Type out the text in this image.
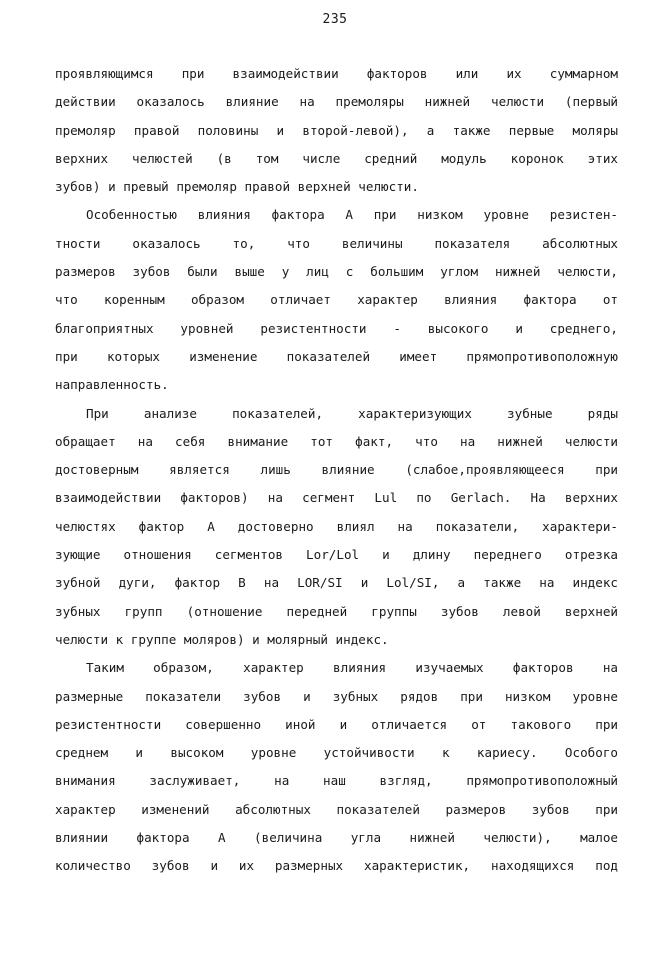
235
проявляющимся при взаимодействии факторов или их суммарном
действии оказалось влияние на премоляры нижней челюсти (первый
премоляр правой половины и второй-левой), а также первые моляры
верхних челюстей (в том числе средний модуль коронок этих
зубов) и превый премоляр правой верхней челюсти.
Особенностью влияния фактора А при низком уровне резистен-
тности оказалось то, что величины показателя абсолютных
размеров зубов были выше у лиц с большим углом нижней челюсти,
что коренным образом отличает характер влияния фактора от
благоприятных уровней резистентности - высокого и среднего,
при которых изменение показателей имеет прямопротивоположную
направленность.
При анализе показателей, характеризующих зубные ряды
обращает на себя внимание тот факт, что на нижней челюсти
достоверным является лишь влияние (слабое,проявляющееся при
взаимодействии факторов) на сегмент Lul по Gerlach. На верхних
челюстях фактор А достоверно влиял на показатели, характери-
зующие отношения сегментов Lor/Lol и длину переднего отрезка
зубной дуги, фактор В на LOR/SI и Lol/SI, а также на индекс
зубных групп (отношение передней группы зубов левой верхней
челюсти к группе моляров) и молярный индекс.
Таким образом, характер влияния изучаемых факторов на
размерные показатели зубов и зубных рядов при низком уровне
резистентности совершенно иной и отличается от такового при
среднем и высоком уровне устойчивости к кариесу. Особого
внимания заслуживает, на наш взгляд, прямопротивоположный
характер изменений абсолютных показателей размеров зубов при
влиянии фактора А (величина угла нижней челюсти), малое
количество зубов и их размерных характеристик, находящихся под
